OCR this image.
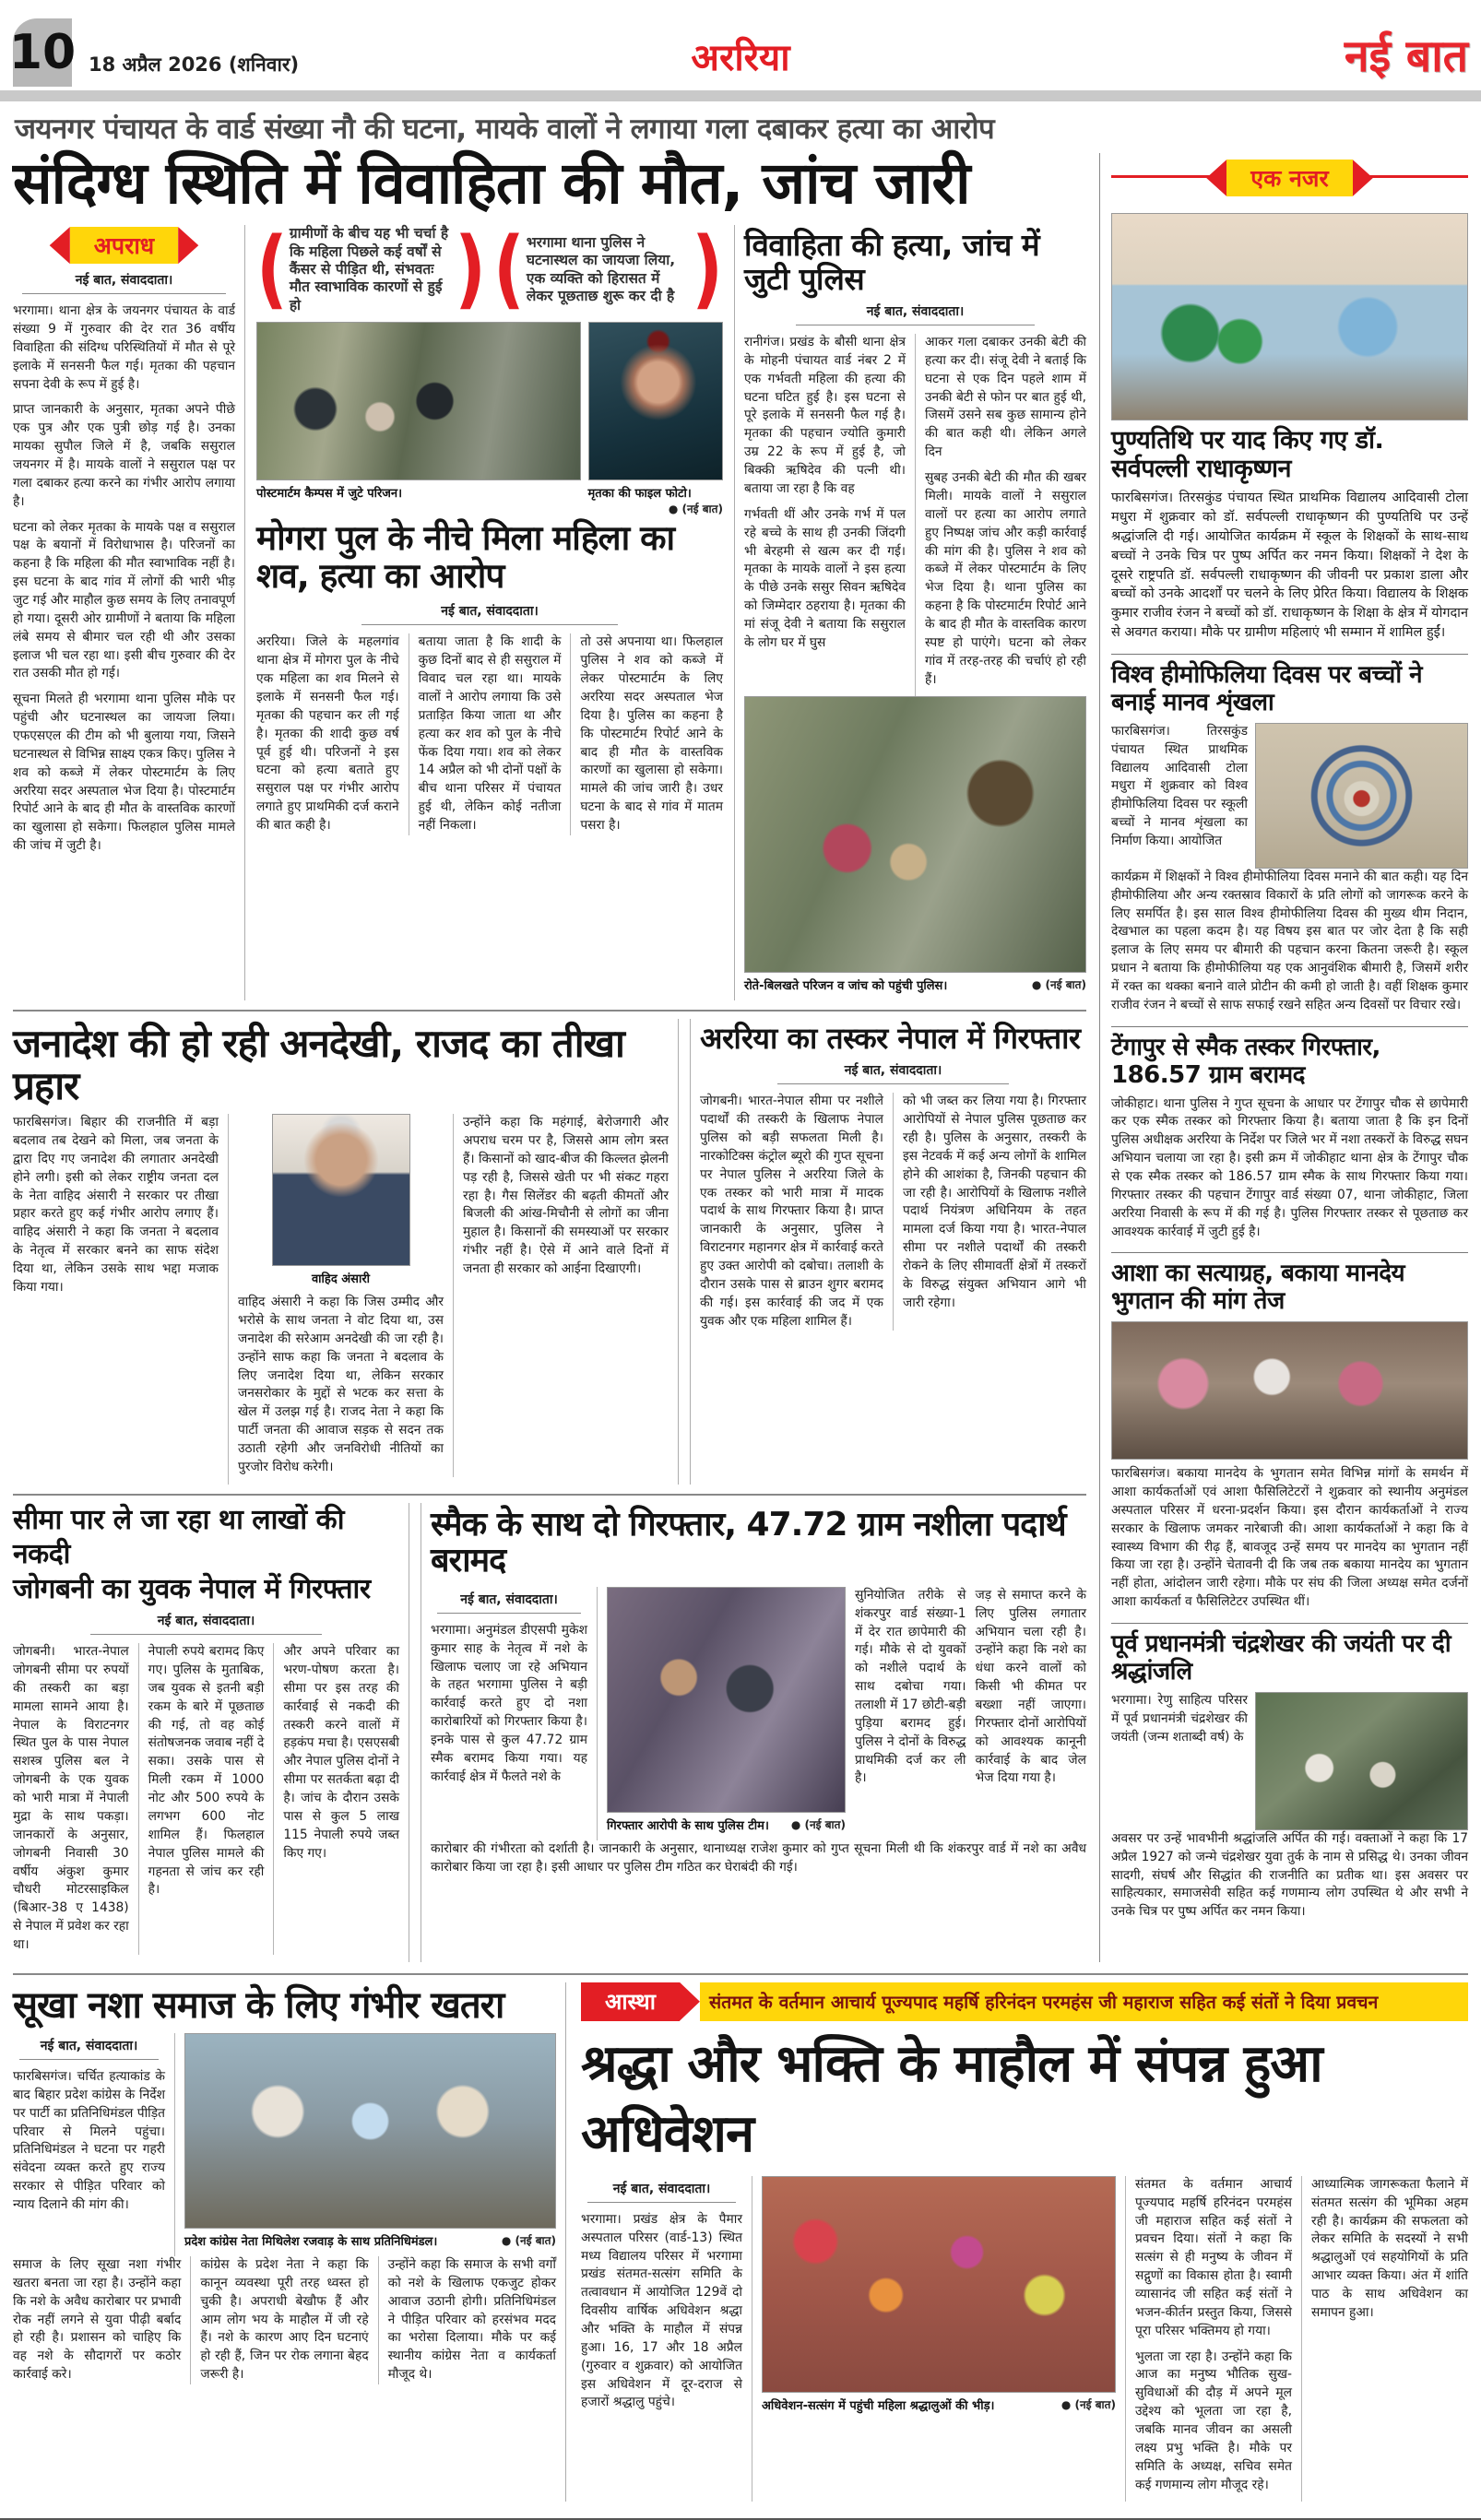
10 18 अप्रैल 2026 (शनिवार)	अररिया	नई बात
जयनगर पंचायत के वार्ड संख्या नौ की घटना, मायके वालों ने लगाया गला दबाकर हत्या का आरोप
संदिग्ध स्थिति में विवाहिता की मौत, जांच जारी
अपराध
नई बात, संवाददाता।

भरगामा। थाना क्षेत्र के जयनगर पंचायत के वार्ड संख्या 9 में गुरुवार की देर रात 36 वर्षीय विवाहिता की संदिग्ध परिस्थितियों में मौत से पूरे इलाके में सनसनी फैल गई। मृतका की पहचान सपना देवी के रूप में हुई है।

प्राप्त जानकारी के अनुसार, मृतका अपने पीछे एक पुत्र और एक पुत्री छोड़ गई है। उनका मायका सुपौल जिले में है, जबकि ससुराल जयनगर में है। मायके वालों ने ससुराल पक्ष पर गला दबाकर हत्या करने का गंभीर आरोप लगाया है।

घटना को लेकर मृतका के मायके पक्ष व ससुराल पक्ष के बयानों में विरोधाभास है। परिजनों का कहना है कि महिला की मौत स्वाभाविक नहीं है। इस घटना के बाद गांव में लोगों की भारी भीड़ जुट गई और माहौल कुछ समय के लिए तनावपूर्ण हो गया। दूसरी ओर ग्रामीणों ने बताया कि महिला लंबे समय से बीमार चल रही थी और उसका इलाज भी चल रहा था। इसी बीच गुरुवार की देर रात उसकी मौत हो गई।

सूचना मिलते ही भरगामा थाना पुलिस मौके पर पहुंची और घटनास्थल का जायजा लिया। एफएसएल की टीम को भी बुलाया गया, जिसने घटनास्थल से विभिन्न साक्ष्य एकत्र किए। पुलिस ने शव को कब्जे में लेकर पोस्टमार्टम के लिए अररिया सदर अस्पताल भेज दिया है। पोस्टमार्टम रिपोर्ट आने के बाद ही मौत के वास्तविक कारणों का खुलासा हो सकेगा। फिलहाल पुलिस मामले की जांच में जुटी है।

( ग्रामीणों के बीच यह भी चर्चा है कि महिला पिछले कई वर्षों से कैंसर से पीड़ित थी, संभवतः मौत स्वाभाविक कारणों से हुई हो	) ( भरगामा थाना पुलिस ने घटनास्थल का जायजा लिया, एक व्यक्ति को हिरासत में लेकर पूछताछ शुरू कर दी है )
पोस्टमार्टम कैम्पस में जुटे परिजन।	मृतका की फाइल फोटो।
● (नई बात)
मोगरा पुल के नीचे मिला महिला का शव, हत्या का आरोप
नई बात, संवाददाता।

अररिया। जिले के महलगांव थाना क्षेत्र में मोगरा पुल के नीचे एक महिला का शव मिलने से इलाके में सनसनी फैल गई। मृतका की पहचान कर ली गई है। मृतका की शादी कुछ वर्ष पूर्व हुई थी। परिजनों ने इस घटना को हत्या बताते हुए ससुराल पक्ष पर गंभीर आरोप लगाते हुए प्राथमिकी दर्ज कराने की बात कही है।

बताया जाता है कि शादी के कुछ दिनों बाद से ही ससुराल में विवाद चल रहा था। मायके वालों ने आरोप लगाया कि उसे प्रताड़ित किया जाता था और हत्या कर शव को पुल के नीचे फेंक दिया गया। शव को लेकर 14 अप्रैल को भी दोनों पक्षों के बीच थाना परिसर में पंचायत हुई थी, लेकिन कोई नतीजा नहीं निकला।

तो उसे अपनाया था। फिलहाल पुलिस ने शव को कब्जे में लेकर पोस्टमार्टम के लिए अररिया सदर अस्पताल भेज दिया है। पुलिस का कहना है कि पोस्टमार्टम रिपोर्ट आने के बाद ही मौत के वास्तविक कारणों का खुलासा हो सकेगा। मामले की जांच जारी है। उधर घटना के बाद से गांव में मातम पसरा है।

विवाहिता की हत्या, जांच में जुटी पुलिस
नई बात, संवाददाता।

रानीगंज। प्रखंड के बौसी थाना क्षेत्र के मोहनी पंचायत वार्ड नंबर 2 में एक गर्भवती महिला की हत्या की घटना घटित हुई है। इस घटना से पूरे इलाके में सनसनी फैल गई है। मृतका की पहचान ज्योति कुमारी उम्र 22 के रूप में हुई है, जो बिक्की ऋषिदेव की पत्नी थी। बताया जा रहा है कि वह

गर्भवती थीं और उनके गर्भ में पल रहे बच्चे के साथ ही उनकी जिंदगी भी बेरहमी से खत्म कर दी गई। मृतका के मायके वालों ने इस हत्या के पीछे उनके ससुर सिवन ऋषिदेव को जिम्मेदार ठहराया है। मृतका की मां संजू देवी ने बताया कि ससुराल के लोग घर में घुस

आकर गला दबाकर उनकी बेटी की हत्या कर दी। संजू देवी ने बताई कि घटना से एक दिन पहले शाम में उनकी बेटी से फोन पर बात हुई थी, जिसमें उसने सब कुछ सामान्य होने की बात कही थी। लेकिन अगले दिन

सुबह उनकी बेटी की मौत की खबर मिली। मायके वालों ने ससुराल वालों पर हत्या का आरोप लगाते हुए निष्पक्ष जांच और कड़ी कार्रवाई की मांग की है। पुलिस ने शव को कब्जे में लेकर पोस्टमार्टम के लिए भेज दिया है। थाना पुलिस का कहना है कि पोस्टमार्टम रिपोर्ट आने के बाद ही मौत के वास्तविक कारण स्पष्ट हो पाएंगे। घटना को लेकर गांव में तरह-तरह की चर्चाएं हो रही हैं।

रोते-बिलखते परिजन व जांच को पहुंची पुलिस।	● (नई बात)
जनादेश की हो रही अनदेखी, राजद का तीखा प्रहार

फारबिसगंज। बिहार की राजनीति में बड़ा बदलाव तब देखने को मिला, जब जनता के द्वारा दिए गए जनादेश की लगातार अनदेखी होने लगी। इसी को लेकर राष्ट्रीय जनता दल के नेता वाहिद अंसारी ने सरकार पर तीखा प्रहार करते हुए कई गंभीर आरोप लगाए हैं। वाहिद अंसारी ने कहा कि जनता ने बदलाव के नेतृत्व में सरकार बनने का साफ संदेश दिया था, लेकिन उसके साथ भद्दा मजाक किया गया।

वाहिद अंसारी

वाहिद अंसारी ने कहा कि जिस उम्मीद और भरोसे के साथ जनता ने वोट दिया था, उस जनादेश की सरेआम अनदेखी की जा रही है। उन्होंने साफ कहा कि जनता ने बदलाव के लिए जनादेश दिया था, लेकिन सरकार जनसरोकार के मुद्दों से भटक कर सत्ता के खेल में उलझ गई है। राजद नेता ने कहा कि पार्टी जनता की आवाज सड़क से सदन तक उठाती रहेगी और जनविरोधी नीतियों का पुरजोर विरोध करेगी।

उन्होंने कहा कि महंगाई, बेरोजगारी और अपराध चरम पर है, जिससे आम लोग त्रस्त हैं। किसानों को खाद-बीज की किल्लत झेलनी पड़ रही है, जिससे खेती पर भी संकट गहरा रहा है। गैस सिलेंडर की बढ़ती कीमतों और बिजली की आंख-मिचौनी से लोगों का जीना मुहाल है। किसानों की समस्याओं पर सरकार गंभीर नहीं है। ऐसे में आने वाले दिनों में जनता ही सरकार को आईना दिखाएगी।

अररिया का तस्कर नेपाल में गिरफ्तार
नई बात, संवाददाता।

जोगबनी। भारत-नेपाल सीमा पर नशीले पदार्थों की तस्करी के खिलाफ नेपाल पुलिस को बड़ी सफलता मिली है। नारकोटिक्स कंट्रोल ब्यूरो की गुप्त सूचना पर नेपाल पुलिस ने अररिया जिले के एक तस्कर को भारी मात्रा में मादक पदार्थ के साथ गिरफ्तार किया है। प्राप्त जानकारी के अनुसार, पुलिस ने विराटनगर महानगर क्षेत्र में कार्रवाई करते हुए उक्त आरोपी को दबोचा। तलाशी के दौरान उसके पास से ब्राउन शुगर बरामद की गई। इस कार्रवाई की जद में एक युवक और एक महिला शामिल हैं।

को भी जब्त कर लिया गया है। गिरफ्तार आरोपियों से नेपाल पुलिस पूछताछ कर रही है। पुलिस के अनुसार, तस्करी के इस नेटवर्क में कई अन्य लोगों के शामिल होने की आशंका है, जिनकी पहचान की जा रही है। आरोपियों के खिलाफ नशीले पदार्थ नियंत्रण अधिनियम के तहत मामला दर्ज किया गया है। भारत-नेपाल सीमा पर नशीले पदार्थों की तस्करी रोकने के लिए सीमावर्ती क्षेत्रों में तस्करों के विरुद्ध संयुक्त अभियान आगे भी जारी रहेगा।

सीमा पार ले जा रहा था लाखों की नकदी
जोगबनी का युवक नेपाल में गिरफ्तार
नई बात, संवाददाता।

जोगबनी। भारत-नेपाल जोगबनी सीमा पर रुपयों की तस्करी का बड़ा मामला सामने आया है। नेपाल के विराटनगर स्थित पुल के पास नेपाल सशस्त्र पुलिस बल ने जोगबनी के एक युवक को भारी मात्रा में नेपाली मुद्रा के साथ पकड़ा। जानकारों के अनुसार, जोगबनी निवासी 30 वर्षीय अंकुश कुमार चौधरी मोटरसाइकिल (बिआर-38 ए 1438) से नेपाल में प्रवेश कर रहा था।

नेपाली रुपये बरामद किए गए। पुलिस के मुताबिक, जब युवक से इतनी बड़ी रकम के बारे में पूछताछ की गई, तो वह कोई संतोषजनक जवाब नहीं दे सका। उसके पास से मिली रकम में 1000 नोट और 500 रुपये के लगभग 600 नोट शामिल हैं। फिलहाल नेपाल पुलिस मामले की गहनता से जांच कर रही है।

और अपने परिवार का भरण-पोषण करता है। सीमा पर इस तरह की कार्रवाई से नकदी की तस्करी करने वालों में हड़कंप मचा है। एसएसबी और नेपाल पुलिस दोनों ने सीमा पर सतर्कता बढ़ा दी है। जांच के दौरान उसके पास से कुल 5 लाख 115 नेपाली रुपये जब्त किए गए।

स्मैक के साथ दो गिरफ्तार, 47.72 ग्राम नशीला पदार्थ बरामद
नई बात, संवाददाता।

भरगामा। अनुमंडल डीएसपी मुकेश कुमार साह के नेतृत्व में नशे के खिलाफ चलाए जा रहे अभियान के तहत भरगामा पुलिस ने बड़ी कार्रवाई करते हुए दो नशा कारोबारियों को गिरफ्तार किया है। इनके पास से कुल 47.72 ग्राम स्मैक बरामद किया गया। यह कार्रवाई क्षेत्र में फैलते नशे के

गिरफ्तार आरोपी के साथ पुलिस टीम। ● (नई बात)

सुनियोजित तरीके से शंकरपुर वार्ड संख्या-1 में देर रात छापेमारी की गई। मौके से दो युवकों को नशीले पदार्थ के साथ दबोचा गया। तलाशी में 17 छोटी-बड़ी पुड़िया बरामद हुई। पुलिस ने दोनों के विरुद्ध प्राथमिकी दर्ज कर ली है।

जड़ से समाप्त करने के लिए पुलिस लगातार अभियान चला रही है। उन्होंने कहा कि नशे का धंधा करने वालों को किसी भी कीमत पर बख्शा नहीं जाएगा। गिरफ्तार दोनों आरोपियों को आवश्यक कानूनी कार्रवाई के बाद जेल भेज दिया गया है।

कारोबार की गंभीरता को दर्शाती है। जानकारी के अनुसार, थानाध्यक्ष राजेश कुमार को गुप्त सूचना मिली थी कि शंकरपुर वार्ड में नशे का अवैध कारोबार किया जा रहा है। इसी आधार पर पुलिस टीम गठित कर घेराबंदी की गई।

एक नजर
पुण्यतिथि पर याद किए गए डॉ. सर्वपल्ली राधाकृष्णन

फारबिसगंज। तिरसकुंड पंचायत स्थित प्राथमिक विद्यालय आदिवासी टोला मधुरा में शुक्रवार को डॉ. सर्वपल्ली राधाकृष्णन की पुण्यतिथि पर उन्हें श्रद्धांजलि दी गई। आयोजित कार्यक्रम में स्कूल के शिक्षकों के साथ-साथ बच्चों ने उनके चित्र पर पुष्प अर्पित कर नमन किया। शिक्षकों ने देश के दूसरे राष्ट्रपति डॉ. सर्वपल्ली राधाकृष्णन की जीवनी पर प्रकाश डाला और बच्चों को उनके आदर्शों पर चलने के लिए प्रेरित किया। विद्यालय के शिक्षक कुमार राजीव रंजन ने बच्चों को डॉ. राधाकृष्णन के शिक्षा के क्षेत्र में योगदान से अवगत कराया। मौके पर ग्रामीण महिलाएं भी सम्मान में शामिल हुईं।

विश्व हीमोफिलिया दिवस पर बच्चों ने बनाई मानव शृंखला

फारबिसगंज। तिरसकुंड पंचायत स्थित प्राथमिक विद्यालय आदिवासी टोला मधुरा में शुक्रवार को विश्व हीमोफिलिया दिवस पर स्कूली बच्चों ने मानव शृंखला का निर्माण किया। आयोजित

कार्यक्रम में शिक्षकों ने विश्व हीमोफीलिया दिवस मनाने की बात कही। यह दिन हीमोफीलिया और अन्य रक्तस्राव विकारों के प्रति लोगों को जागरूक करने के लिए समर्पित है। इस साल विश्व हीमोफीलिया दिवस की मुख्य थीम निदान, देखभाल का पहला कदम है। यह विषय इस बात पर जोर देता है कि सही इलाज के लिए समय पर बीमारी की पहचान करना कितना जरूरी है। स्कूल प्रधान ने बताया कि हीमोफीलिया यह एक आनुवंशिक बीमारी है, जिसमें शरीर में रक्त का थक्का बनाने वाले प्रोटीन की कमी हो जाती है। वहीं शिक्षक कुमार राजीव रंजन ने बच्चों से साफ सफाई रखने सहित अन्य दिवसों पर विचार रखे।

टेंगापुर से स्मैक तस्कर गिरफ्तार, 186.57 ग्राम बरामद

जोकीहाट। थाना पुलिस ने गुप्त सूचना के आधार पर टेंगापुर चौक से छापेमारी कर एक स्मैक तस्कर को गिरफ्तार किया है। बताया जाता है कि इन दिनों पुलिस अधीक्षक अररिया के निर्देश पर जिले भर में नशा तस्करों के विरुद्ध सघन अभियान चलाया जा रहा है। इसी क्रम में जोकीहाट थाना क्षेत्र के टेंगापुर चौक से एक स्मैक तस्कर को 186.57 ग्राम स्मैक के साथ गिरफ्तार किया गया। गिरफ्तार तस्कर की पहचान टेंगापुर वार्ड संख्या 07, थाना जोकीहाट, जिला अररिया निवासी के रूप में की गई है। पुलिस गिरफ्तार तस्कर से पूछताछ कर आवश्यक कार्रवाई में जुटी हुई है।

आशा का सत्याग्रह, बकाया मानदेय भुगतान की मांग तेज

फारबिसगंज। बकाया मानदेय के भुगतान समेत विभिन्न मांगों के समर्थन में आशा कार्यकर्ताओं एवं आशा फैसिलिटेटरों ने शुक्रवार को स्थानीय अनुमंडल अस्पताल परिसर में धरना-प्रदर्शन किया। इस दौरान कार्यकर्ताओं ने राज्य सरकार के खिलाफ जमकर नारेबाजी की। आशा कार्यकर्ताओं ने कहा कि वे स्वास्थ्य विभाग की रीढ़ हैं, बावजूद उन्हें समय पर मानदेय का भुगतान नहीं किया जा रहा है। उन्होंने चेतावनी दी कि जब तक बकाया मानदेय का भुगतान नहीं होता, आंदोलन जारी रहेगा। मौके पर संघ की जिला अध्यक्ष समेत दर्जनों आशा कार्यकर्ता व फैसिलिटेटर उपस्थित थीं।

पूर्व प्रधानमंत्री चंद्रशेखर की जयंती पर दी श्रद्धांजलि

भरगामा। रेणु साहित्य परिसर में पूर्व प्रधानमंत्री चंद्रशेखर की जयंती (जन्म शताब्दी वर्ष) के

अवसर पर उन्हें भावभीनी श्रद्धांजलि अर्पित की गई। वक्ताओं ने कहा कि 17 अप्रैल 1927 को जन्मे चंद्रशेखर युवा तुर्क के नाम से प्रसिद्ध थे। उनका जीवन सादगी, संघर्ष और सिद्धांत की राजनीति का प्रतीक था। इस अवसर पर साहित्यकार, समाजसेवी सहित कई गणमान्य लोग उपस्थित थे और सभी ने उनके चित्र पर पुष्प अर्पित कर नमन किया।

सूखा नशा समाज के लिए गंभीर खतरा
नई बात, संवाददाता।

फारबिसगंज। चर्चित हत्याकांड के बाद बिहार प्रदेश कांग्रेस के निर्देश पर पार्टी का प्रतिनिधिमंडल पीड़ित परिवार से मिलने पहुंचा। प्रतिनिधिमंडल ने घटना पर गहरी संवेदना व्यक्त करते हुए राज्य सरकार से पीड़ित परिवार को न्याय दिलाने की मांग की।

प्रदेश कांग्रेस नेता मिथिलेश रजवाड़ के साथ प्रतिनिधिमंडल।	● (नई बात)

समाज के लिए सूखा नशा गंभीर खतरा बनता जा रहा है। उन्होंने कहा कि नशे के अवैध कारोबार पर प्रभावी रोक नहीं लगने से युवा पीढ़ी बर्बाद हो रही है। प्रशासन को चाहिए कि वह नशे के सौदागरों पर कठोर कार्रवाई करे।

कांग्रेस के प्रदेश नेता ने कहा कि कानून व्यवस्था पूरी तरह ध्वस्त हो चुकी है। अपराधी बेखौफ हैं और आम लोग भय के माहौल में जी रहे हैं। नशे के कारण आए दिन घटनाएं हो रही हैं, जिन पर रोक लगाना बेहद जरूरी है।

उन्होंने कहा कि समाज के सभी वर्गों को नशे के खिलाफ एकजुट होकर आवाज उठानी होगी। प्रतिनिधिमंडल ने पीड़ित परिवार को हरसंभव मदद का भरोसा दिलाया। मौके पर कई स्थानीय कांग्रेस नेता व कार्यकर्ता मौजूद थे।

आस्था	संतमत के वर्तमान आचार्य पूज्यपाद महर्षि हरिनंदन परमहंस जी महाराज सहित कई संतों ने दिया प्रवचन
श्रद्धा और भक्ति के माहौल में संपन्न हुआ अधिवेशन
नई बात, संवाददाता।

भरगामा। प्रखंड क्षेत्र के पैमार अस्पताल परिसर (वार्ड-13) स्थित मध्य विद्यालय परिसर में भरगामा प्रखंड संतमत-सत्संग समिति के तत्वावधान में आयोजित 129वें दो दिवसीय वार्षिक अधिवेशन श्रद्धा और भक्ति के माहौल में संपन्न हुआ। 16, 17 और 18 अप्रैल (गुरुवार व शुक्रवार) को आयोजित इस अधिवेशन में दूर-दराज से हजारों श्रद्धालु पहुंचे।	अधिवेशन-सत्संग में पहुंची महिला श्रद्धालुओं की भीड़।	● (नई बात)

संतमत के वर्तमान आचार्य पूज्यपाद महर्षि हरिनंदन परमहंस जी महाराज सहित कई संतों ने प्रवचन दिया। संतों ने कहा कि सत्संग से ही मनुष्य के जीवन में सद्गुणों का विकास होता है। स्वामी व्यासानंद जी सहित कई संतों ने भजन-कीर्तन प्रस्तुत किया, जिससे पूरा परिसर भक्तिमय हो गया।

भुलता जा रहा है। उन्होंने कहा कि आज का मनुष्य भौतिक सुख-सुविधाओं की दौड़ में अपने मूल उद्देश्य को भूलता जा रहा है, जबकि मानव जीवन का असली लक्ष्य प्रभु भक्ति है। मौके पर समिति के अध्यक्ष, सचिव समेत कई गणमान्य लोग मौजूद रहे।

आध्यात्मिक जागरूकता फैलाने में संतमत सत्संग की भूमिका अहम रही है। कार्यक्रम की सफलता को लेकर समिति के सदस्यों ने सभी श्रद्धालुओं एवं सहयोगियों के प्रति आभार व्यक्त किया। अंत में शांति पाठ के साथ अधिवेशन का समापन हुआ।
